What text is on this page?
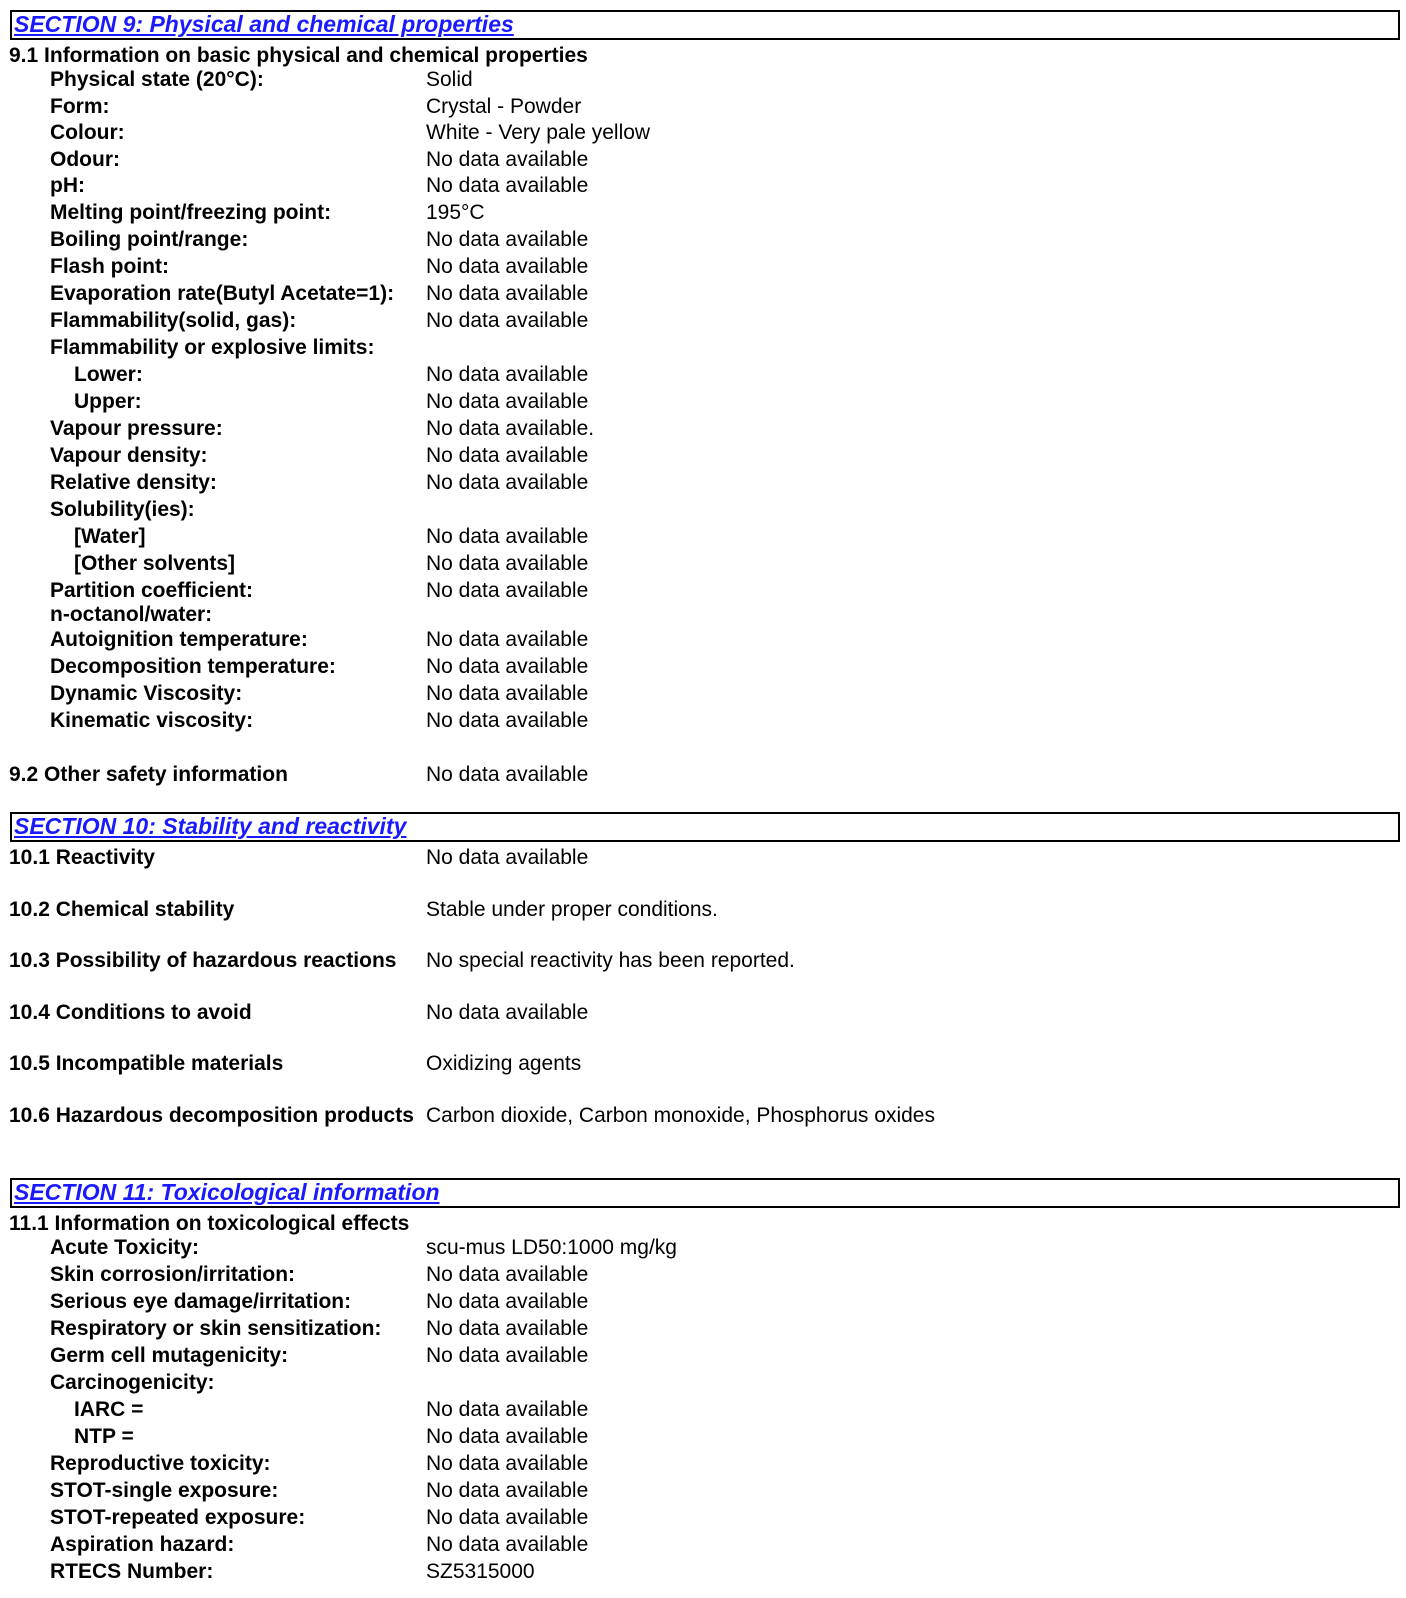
SECTION 9: Physical and chemical properties
9.1 Information on basic physical and chemical properties
Physical state (20°C):	Solid
Form:	Crystal - Powder
Colour:	White - Very pale yellow
Odour:	No data available
pH:	No data available
Melting point/freezing point:	195°C
Boiling point/range:	No data available
Flash point:	No data available
Evaporation rate(Butyl Acetate=1): No data available
Flammability(solid, gas):	No data available
Flammability or explosive limits:
Lower:	No data available
Upper:	No data available
Vapour pressure:	No data available.
Vapour density:	No data available
Relative density:	No data available
Solubility(ies):
[Water]	No data available
[Other solvents]	No data available
Partition coefficient:	No data available
n-octanol/water:
Autoignition temperature:	No data available
Decomposition temperature:	No data available
Dynamic Viscosity:	No data available
Kinematic viscosity:	No data available
9.2 Other safety information	No data available
SECTION 10: Stability and reactivity
10.1 Reactivity	No data available
10.2 Chemical stability	Stable under proper conditions.
10.3 Possibility of hazardous reactions No special reactivity has been reported.
10.4 Conditions to avoid	No data available
10.5 Incompatible materials	Oxidizing agents
10.6 Hazardous decomposition products Carbon dioxide, Carbon monoxide, Phosphorus oxides
SECTION 11: Toxicological information
11.1 Information on toxicological effects
Acute Toxicity:	scu-mus LD50:1000 mg/kg
Skin corrosion/irritation:	No data available
Serious eye damage/irritation:	No data available
Respiratory or skin sensitization: No data available
Germ cell mutagenicity:	No data available
Carcinogenicity:
IARC =	No data available
NTP =	No data available
Reproductive toxicity:	No data available
STOT-single exposure:	No data available
STOT-repeated exposure:	No data available
Aspiration hazard:	No data available
RTECS Number:	SZ5315000
